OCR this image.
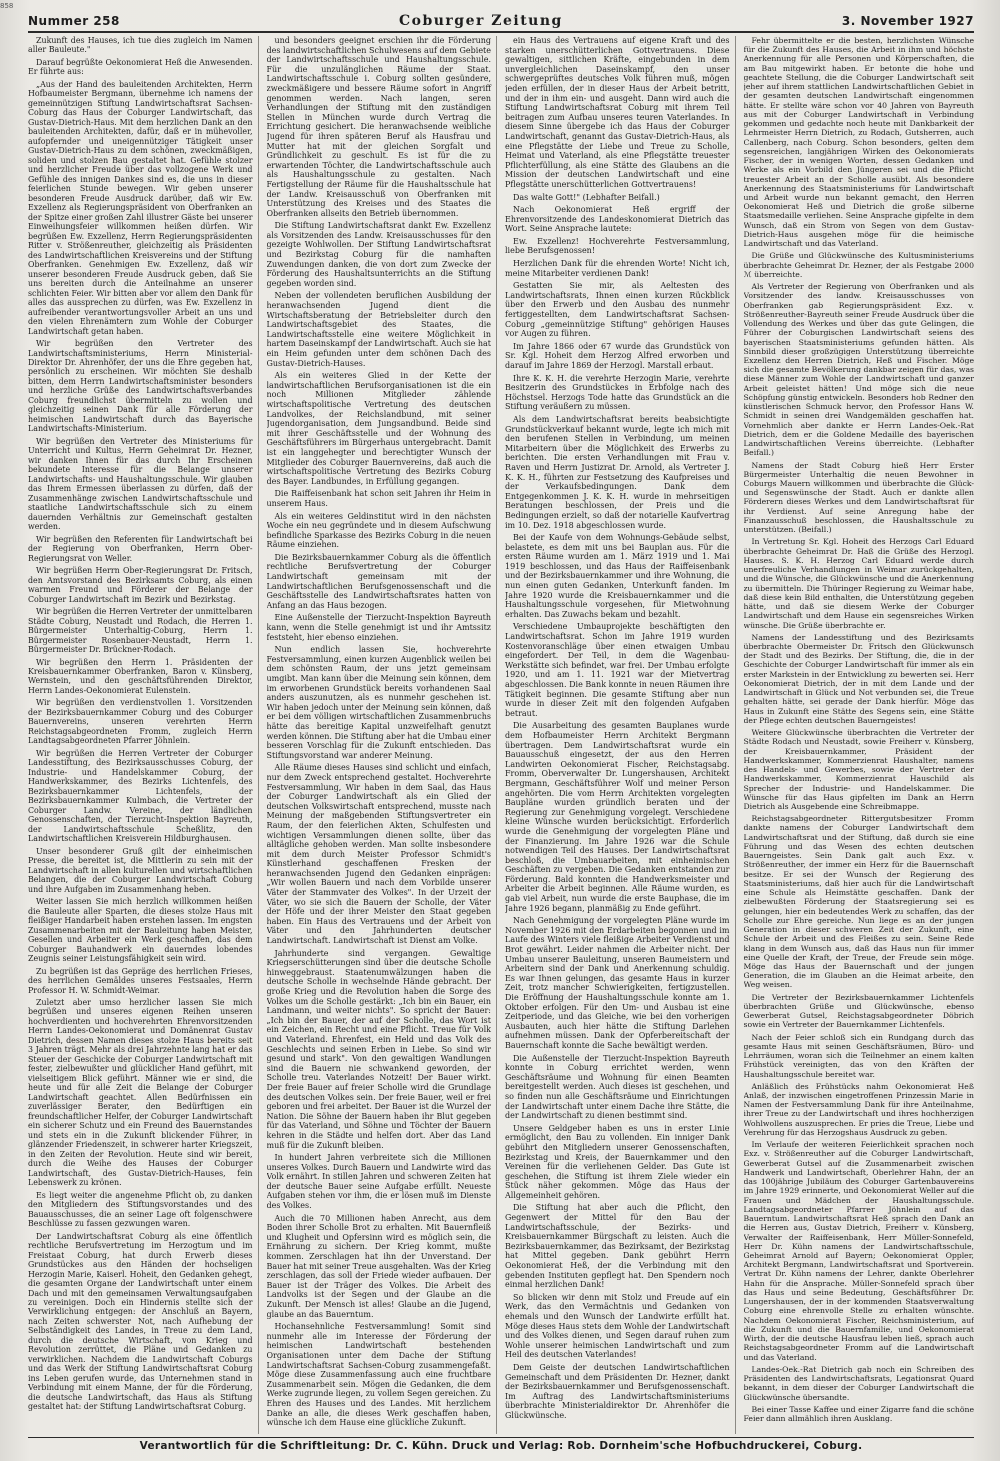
858
Nummer 258	Coburger Zeitung	3. November 1927

Zukunft des Hauses, ich tue dies zugleich im Namen aller Bauleute."

Darauf begrüßte Oekonomierat Heß die Anwesenden. Er führte aus:

„Aus der Hand des bauleitenden Architekten, Herrn Hofbaumeister Bergmann, übernehme ich namens der gemeinnützigen Stiftung Landwirtschaftsrat Sachsen-Coburg das Haus der Coburger Landwirtschaft, das Gustav-Dietrich-Haus. Mit dem herzlichen Dank an den bauleitenden Architekten, dafür, daß er in mühevoller, aufopfernder und uneigennütziger Tätigkeit unser Gustav-Dietrich-Haus zu dem schönen, zweckmäßigen, soliden und stolzen Bau gestaltet hat. Gefühle stolzer und herzlicher Freude über das vollzogene Werk und Gefühle des innigen Dankes sind es, die uns in dieser feierlichen Stunde bewegen. Wir geben unserer besonderen Freude Ausdruck darüber, daß wir Ew. Exzellenz als Regierungspräsident von Oberfranken an der Spitze einer großen Zahl illustrer Gäste bei unserer Einweihungsfeier willkommen heißen dürfen. Wir begrüßen Ew. Exzellenz, Herrn Regierungspräsidenten Ritter v. Strößenreuther, gleichzeitig als Präsidenten des Landwirtschaftlichen Kreisvereins und der Stiftung Oberfranken. Genehmigen Ew. Exzellenz, daß wir unserer besonderen Freude Ausdruck geben, daß Sie uns bereiten durch die Anteilnahme an unserer schlichten Feier. Wir bitten aber vor allem den Dank für alles das aussprechen zu dürfen, was Ew. Exzellenz in aufreibender verantwortungsvoller Arbeit an uns und den vielen Ehrenämtern zum Wohle der Coburger Landwirtschaft getan haben.

Wir begrüßen den Vertreter des Landwirtschaftsministeriums, Herrn Ministerial-Direktor Dr. Ahrenhöfer, der uns die Ehre gegeben hat, persönlich zu erscheinen. Wir möchten Sie deshalb bitten, dem Herrn Landwirtschaftsminister besonders und herzliche Grüße des Landwirtschaftsverbandes Coburg freundlichst übermitteln zu wollen und gleichzeitig seinen Dank für alle Förderung der heimischen Landwirtschaft durch das Bayerische Landwirtschafts-Ministerium.

Wir begrüßen den Vertreter des Ministeriums für Unterricht und Kultus, Herrn Geheimrat Dr. Hezner, wir danken Ihnen für das durch Ihr Erscheinen bekundete Interesse für die Belange unserer Landwirtschafts- und Haushaltungsschule. Wir glauben das Ihrem Ermessen überlassen zu dürfen, daß der Zusammenhänge zwischen Landwirtschaftsschule und staatliche Landwirtschaftsschule sich zu einem dauernden Verhältnis zur Gemeinschaft gestalten werden.

Wir begrüßen den Referenten für Landwirtschaft bei der Regierung von Oberfranken, Herrn Ober-Regierungsrat von Weller.

Wir begrüßen Herrn Ober-Regierungsrat Dr. Fritsch, den Amtsvorstand des Bezirksamts Coburg, als einen warmen Freund und Förderer der Belange der Coburger Landwirtschaft im Bezirk und Bezirkstag.

Wir begrüßen die Herren Vertreter der unmittelbaren Städte Coburg, Neustadt und Rodach, die Herren 1. Bürgermeister Unterhaltig-Coburg, Herrn 1. Bürgermeister Rosenbauer-Neustadt, Herrn 1. Bürgermeister Dr. Brückner-Rodach.

Wir begrüßen den Herrn 1. Präsidenten der Kreisbauernkammer Oberfranken, Baron v. Künsberg, Wernstein, und den geschäftsführenden Direktor, Herrn Landes-Oekonomierat Eulenstein.

Wir begrüßen den verdienstvollen 1. Vorsitzenden der Bezirksbauernkammer Coburg und des Coburger Bauernvereins, unseren verehrten Herrn Reichstagsabgeordneten Fromm, zugleich Herrn Landtagsabgeordneten Pfarrer Jöhnlein.

Wir begrüßen die Herren Vertreter der Coburger Landesstiftung, des Bezirksausschusses Coburg, der Industrie- und Handelskammer Coburg, der Handwerkskammer, des Bezirks Lichtenfels, des Bezirksbauernkammer Lichtenfels, der Bezirksbauernkammer Kulmbach, die Vertreter der Coburger Landw. Vereine, der ländlichen Genossenschaften, der Tierzucht-Inspektion Bayreuth, der Landwirtschaftsschule Scheßlitz, den Landwirtschaftlichen Kreisverein Hildburghausen.

Unser besonderer Gruß gilt der einheimischen Presse, die bereitet ist, die Mittlerin zu sein mit der Landwirtschaft in allen kulturellen und wirtschaftlichen Belangen, die der Coburger Landwirtschaft Coburg und ihre Aufgaben im Zusammenhang heben.

Weiter lassen Sie mich herzlich willkommen heißen die Bauleute aller Sparten, die dieses stolze Haus mit fleißiger Handarbeit haben erstehen lassen. Im engsten Zusammenarbeiten mit der Bauleitung haben Meister, Gesellen und Arbeiter ein Werk geschaffen, das dem Coburger Bauhandwerk ein dauerndes lobendes Zeugnis seiner Leistungsfähigkeit sein wird.

Zu begrüßen ist das Gepräge des herrlichen Frieses, des herrlichen Gemäldes unseres Festsaales, Herrn Professor H. W. Schmidt-Weimar.

Zuletzt aber umso herzlicher lassen Sie mich begrüßen und unseres eigenen Reihen unseren hochverdienten und hochverehrten Ehrenvorsitzenden Herrn Landes-Oekonomierat und Domänenrat Gustav Dietrich, dessen Namen dieses stolze Haus bereits seit 3 Jahren trägt. Mehr als drei Jahrzehnte lang hat er das Steuer der Geschicke der Coburger Landwirtschaft mit fester, zielbewußter und glücklicher Hand geführt, mit vielseitigem Blick geführt. Männer wie er sind, die heute und für alle Zeit die Belange der Coburger Landwirtschaft geachtet. Allen Bedürfnissen ein zuverlässiger Berater, den Bedürftigen ein freundschaftlicher Helfer, der Coburger Landwirtschaft ein sicherer Schutz und ein Freund des Bauernstandes und stets ein in die Zukunft blickender Führer, in glänzender Friedenszeit, in schwerer harter Kriegszeit, in den Zeiten der Revolution. Heute sind wir bereit, durch die Weihe des Hauses der Coburger Landwirtschaft, des Gustav-Dietrich-Hauses, fein Lebenswerk zu krönen.

Es liegt weiter die angenehme Pflicht ob, zu danken den Mitgliedern des Stiftungsvorstandes und des Bauausschusses, die an seiner Lage oft folgenschwere Beschlüsse zu fassen gezwungen waren.

Der Landwirtschaftsrat Coburg als eine öffentlich rechtliche Berufsvertretung im Herzogtum und im Freistaat Coburg, hat durch Erwerb dieses Grundstückes aus den Händen der hochseligen Herzogin Marie, Kaiserl. Hoheit, den Gedanken gehegt, die gesamten Organe der Landwirtschaft unter einem Dach und mit den gemeinsamen Verwaltungsaufgaben zu vereinigen. Doch ein Hindernis stellte sich der Verwirklichung entgegen: der Anschluß an Bayern, nach Zeiten schwerster Not, nach Aufhebung der Selbständigkeit des Landes, in Treue zu dem Land, durch die deutsche Wirtschaft, von Krieg und Revolution zerrüttet, die Pläne und Gedanken zu verwirklichen. Nachdem die Landwirtschaft Coburgs und das Werk der Stiftung Landwirtschaftsrat Coburg ins Leben gerufen wurde, das Unternehmen stand in Verbindung mit einem Manne, der für die Förderung, die deutsche Landwirtschaft, das Haus als Stiftung gestaltet hat: der Stiftung Landwirtschaftsrat Coburg.

und besonders geeignet erschien ihr die Förderung des landwirtschaftlichen Schulwesens auf dem Gebiete der Landwirtschaftsschule und Haushaltungsschule. Für die unzulänglichen Räume der Staat. Landwirtschaftsschule i. Coburg sollten gesündere, zweckmäßigere und bessere Räume sofort in Angriff genommen werden. Nach langen, seren Verhandlungen der Stiftung mit den zuständigen Stellen in München wurde durch Vertrag die Errichtung gesichert. Die heranwachsende weibliche Jugend für ihren späteren Beruf als Hausfrau und Mutter hat mit der gleichen Sorgfalt und Gründlichkeit zu geschult. Es ist für die zu erwartenden Töchter, die Landwirtschaftsschule auch als Haushaltungsschule zu gestalten. Nach Fertigstellung der Räume für die Haushaltsschule hat der Landw. Kreisausschuß von Oberfranken mit Unterstützung des Kreises und des Staates die Oberfranken allseits den Betrieb übernommen.

Die Stiftung Landwirtschaftsrat dankt Ew. Exzellenz als Vorsitzenden des Landw. Kreisausschusses für den gezeigte Wohlwollen. Der Stiftung Landwirtschaftsrat und Bezirkstag Coburg für die namhaften Zuwendungen danken, die von dort zum Zwecke der Förderung des Haushaltsunterrichts an die Stiftung gegeben worden sind.

Neben der vollendeten beruflichen Ausbildung der heranwachsenden Jugend dient die Wirtschaftsberatung der Betriebsleiter durch den Landwirtschaftsgebiet des Staates, die Landwirtschaftsstelle eine weitere Möglichkeit in hartem Daseinskampf der Landwirtschaft. Auch sie hat ein Heim gefunden unter dem schönen Dach des Gustav-Dietrich-Hauses.

Als ein weiteres Glied in der Kette der landwirtschaftlichen Berufsorganisationen ist die ein noch Millionen Mitglieder zählende wirtschaftspolitische Vertretung des deutschen Landvolkes, der Reichslandbund, mit seiner Jugendorganisation, dem Jungsandbund. Beide sind mit ihrer Geschäftsstelle und der Wohnung des Geschäftsführers im Bürgerhaus untergebracht. Damit ist ein langgehegter und berechtigter Wunsch der Mitglieder des Coburger Bauernvereins, daß auch die wirtschaftspolitische Vertretung des Bezirks Coburg des Bayer. Landbundes, in Erfüllung gegangen.

Die Raiffeisenbank hat schon seit Jahren ihr Heim in unserem Haus.

Als ein weiteres Geldinstitut wird in den nächsten Woche ein neu gegründete und in diesem Aufschwung befindliche Sparkasse des Bezirks Coburg in die neuen Räume einziehen.

Die Bezirksbauernkammer Coburg als die öffentlich rechtliche Berufsvertretung der Coburger Landwirtschaft gemeinsam mit der Landwirtschaftlichen Berufsgenossenschaft und die Geschäftsstelle des Landwirtschaftsrates hatten von Anfang an das Haus bezogen.

Eine Außenstelle der Tierzucht-Inspektion Bayreuth kann, wenn die Stelle genehmigt ist und ihr Amtssitz feststeht, hier ebenso einziehen.

Nun endlich lassen Sie, hochverehrte Festversammlung, einen kurzen Augenblick weilen bei dem schönsten Raum, der uns jetzt gemeinsam umgibt. Man kann über die Meinung sein können, dem im erworbenen Grundstück bereits vorhandenen Saal anders auszunutzen, als es nunmehr geschehen ist. Wir haben jedoch unter der Meinung sein können, daß er bei dem völligen wirtschaftlichen Zusammenbruchs hätte das bereitige Kapital unzweifelhaft genutzt werden können. Die Stiftung aber hat die Umbau einer besseren Vorschlag für die Zukunft entschieden. Das Stiftungsvorstand war anderer Meinung.

Alle Räume dieses Hauses sind schlicht und einfach, nur dem Zweck entsprechend gestaltet. Hochverehrte Festversammlung, Wir haben in dem Saal, das Haus der Coburger Landwirtschaft als ein Glied der deutschen Volkswirtschaft entsprechend, musste nach Meinung der maßgebenden Stiftungsvertreter ein Raum, der den feierlichen Akten, Schulfesten und wichtigen Versammlungen dienen sollte, über das alltägliche gehoben werden. Man sollte insbesondere mit dem durch Meister Professor Schmidt's Künstlerhand geschaffenen Fresken der heranwachsenden Jugend den Gedanken einprägen: „Wir wollen Bauern und nach dem Vorbilde unserer Väter der Stammvater des Volkes". In der Urzeit der Väter, wo sie sich die Bauern der Scholle, der Väter der Höfe und der ihrer Meister den Staat gegeben haben. Ein Haus des Vertrauens und der Arbeit von Väter und den Jahrhunderten deutscher Landwirtschaft. Landwirtschaft ist Dienst am Volke.

Jahrhunderte sind vergangen. Gewaltige Kriegserschütterungen sind über die deutsche Scholle hinweggebraust. Staatenumwälzungen haben die deutsche Scholle in wechselnde Hände gebracht. Der große Krieg und die Revolution haben die Sorge des Volkes um die Scholle gestärkt: „Ich bin ein Bauer, ein Landmann, und weiter nichts". So spricht der Bauer: „Ich bin der Bauer, der auf der Scholle, das Wort ist ein Zeichen, ein Recht und eine Pflicht. Treue für Volk und Vaterland. Ehrenfest, ein Held und das Volk des Geschlechts und seinen Erben in Liebe. So sind wir gesund und stark". Von den gewaltigen Wandlungen sind die Bauern nie schwankend geworden, der Scholle treu. Vaterlandes Notzeit! Der Bauer wirkt. Der freie Bauer auf freier Scholle wird die Grundlage des deutschen Volkes sein. Der freie Bauer, weil er frei geboren und frei arbeitet. Der Bauer ist die Wurzel der Nation. Die Söhne der Bauern haben ihr Blut gegeben für das Vaterland, und Söhne und Töchter der Bauern kehren in die Städte und helfen dort. Aber das Land muß für die Zukunft bleiben.

In hundert Jahren verbreitete sich die Millionen unseres Volkes. Durch Bauern und Landwirte wird das Volk ernährt. In stillen Jahren und schweren Zeiten hat der deutsche Bauer seine Aufgabe erfüllt. Neueste Aufgaben stehen vor ihm, die er lösen muß im Dienste des Volkes.

Auch die 70 Millionen haben Anrecht, aus dem Boden ihrer Scholle Brot zu erhalten. Mit Bauernfleiß und Klugheit und Opfersinn wird es möglich sein, die Ernährung zu sichern. Der Krieg kommt, mußte kommen. Zerschlagen hat ihn der Unverstand. Der Bauer hat mit seiner Treue ausgehalten. Was der Krieg zerschlagen, das soll der Friede wieder aufbauen. Der Bauer ist der Träger des Volkes. Die Arbeit des Landvolks ist der Segen und der Glaube an die Zukunft. Der Mensch ist alles! Glaube an die Jugend, glaube an das Bauerntum.

Hochansehnliche Festversammlung! Somit sind nunmehr alle im Interesse der Förderung der heimischen Landwirtschaft bestehenden Organisationen unter dem Dache der Stiftung Landwirtschaftsrat Sachsen-Coburg zusammengefaßt. Möge diese Zusammenfassung auch eine fruchtbare Zusammenarbeit sein. Mögen die Gedanken, die dem Werke zugrunde liegen, zu vollem Segen gereichen. Zu Ehren des Hauses und des Landes. Mit herzlichem Danke an alle, die dieses Werk geschaffen haben, wünsche ich dem Hause eine glückliche Zukunft.

ein Haus des Vertrauens auf eigene Kraft und des starken unerschütterlichen Gottvertrauens. Diese gewaltigen, sittlichen Kräfte, eingebunden in dem unvergleichlichen Daseinskampf, den unser schwergeprüftes deutsches Volk führen muß, mögen jeden erfüllen, der in dieser Haus der Arbeit betritt, und der in ihm ein- und ausgeht. Dann wird auch die Stiftung Landwirtschaftsrat Coburg mit ihrem Teil beitragen zum Aufbau unseres teuren Vaterlandes. In diesem Sinne übergebe ich das Haus der Coburger Landwirtschaft, genannt das Gustav-Dietrich-Haus, als eine Pflegstätte der Liebe und Treue zu Scholle, Heimat und Vaterland, als eine Pflegstätte treuester Pflichterfüllung, als eine Stätte des Glaubens an die Mission der deutschen Landwirtschaft und eine Pflegstätte unerschütterlichen Gottvertrauens!

Das walte Gott!" (Lebhafter Beifall.)

Nach Oekonomierat Heß ergriff der Ehrenvorsitzende des Landeskonomierat Dietrich das Wort. Seine Ansprache lautete:

Ew. Exzellenz! Hochverehrte Festversammlung, liebe Berufsgenossen!

Herzlichen Dank für die ehrenden Worte! Nicht ich, meine Mitarbeiter verdienen Dank!

Gestatten Sie mir, als Aeltesten des Landwirtschaftsrats, Ihnen einen kurzen Rückblick über den Erwerb und den Ausbau des nunmehr fertiggestellten, dem Landwirtschaftsrat Sachsen-Coburg „gemeinnützige Stiftung" gehörigen Hauses vor Augen zu führen.

Im Jahre 1866 oder 67 wurde das Grundstück von Sr. Kgl. Hoheit dem Herzog Alfred erworben und darauf im Jahre 1869 der Herzogl. Marstall erbaut.

Ihre K. K. H. die verehrte Herzogin Marie, verehrte Besitzerin des Grundstückes in Erbfolge nach des Höchstsel. Herzogs Tode hatte das Grundstück an die Stiftung veräußern zu müssen.

Als dem Landwirtschaftsrat bereits beabsichtigte Grundstückverkauf bekannt wurde, legte ich mich mit den berufenen Stellen in Verbindung, um meinen Mitarbeitern über die Möglichkeit des Erwerbs zu berichten. Die ersten Verhandlungen mit Frau v. Raven und Herrn Justizrat Dr. Arnold, als Vertreter J. K. K. H., führten zur Festsetzung des Kaufpreises und der Verkaufsbedingungen. Dank dem Entgegenkommen J. K. K. H. wurde in mehrseitigen Beratungen beschlossen, der Preis und die Bedingungen erzielt, so daß der notarielle Kaufvertrag im 10. Dez. 1918 abgeschlossen wurde.

Bei der Kaufe von dem Wohnungs-Gebäude selbst, belastete, es dem mit uns bei Bauplan aus. Für die ersten Räume wurden am 1. März 1919 und 1. Mai 1919 beschlossen, und das Haus der Raiffeisenbank und der Bezirksbauernkammer und ihre Wohnung, die nun einen guten Gedanken, Unterkunft fanden. Im Jahre 1920 wurde die Kreisbauernkammer und die Haushaltungsschule vorgesehen, für Mietwohnung erhalten. Das Zuwachs bekam und bezahlt.

Verschiedene Umbauprojekte beschäftigten den Landwirtschaftsrat. Schon im Jahre 1919 wurden Kostenvoranschläge über einen etwaigen Umbau eingefordert. Der Teil, in dem die Wagenbau-Werkstätte sich befindet, war frei. Der Umbau erfolgte 1920, und am 1. 11. 1921 war der Mietvertrag abgeschlossen. Die Bank konnte in neuen Räumen ihre Tätigkeit beginnen. Die gesamte Stiftung aber nun wurde in dieser Zeit mit den folgenden Aufgaben betraut.

Die Ausarbeitung des gesamten Bauplanes wurde dem Hofbaumeister Herrn Architekt Bergmann übertragen. Dem Landwirtschaftsrat wurde ein Bauausschuß eingesetzt, der aus den Herren Landwirten Oekonomierat Fischer, Reichstagsabg. Fromm, Oberverwalter Dr. Lungershausen, Architekt Bergmann, Geschäftsführer Wolf und meiner Person angehörten. Die vom Herrn Architekten vorgelegten Baupläne wurden gründlich beraten und der Regierung zur Genehmigung vorgelegt. Verschiedene kleine Wünsche wurden berücksichtigt. Erforderlich wurde die Genehmigung der vorgelegten Pläne und der Finanzierung. Im Jahre 1926 war die Schule notwendigen Teil des Hauses. Der Landwirtschaftsrat beschloß, die Umbauarbeiten, mit einheimischen Geschäften zu vergeben. Die Gedanken entstanden zur Förderung. Bald konnten die Handwerksmeister und Arbeiter die Arbeit beginnen. Alle Räume wurden, es gab viel Arbeit, nun wurde die erste Bauphase, die im Jahre 1926 begann, planmäßig zu Ende geführt.

Nach Genehmigung der vorgelegten Pläne wurde im November 1926 mit den Erdarbeiten begonnen und im Laufe des Winters viele fleißige Arbeiter Verdienst und Brot gewährt. Leider nahmen die Arbeiter nicht. Der Umbau unserer Bauleitung, unseren Baumeistern und Arbeitern sind der Dank und Anerkennung schuldig. Es war Ihnen gelungen, das gesamte Haus in kurzer Zeit, trotz mancher Schwierigkeiten, fertigzustellen. Die Eröffnung der Haushaltungsschule konnte am 1. Oktober erfolgen. Für den Um- und Ausbau ist eine Zeitperiode, und das Gleiche, wie bei den vorherigen Ausbauten, auch hier hätte die Stiftung Darlehen aufnehmen müssen. Dank der Opferbereitschaft der Bauernschaft konnte die Sache bewältigt werden.

Die Außenstelle der Tierzucht-Inspektion Bayreuth konnte in Coburg errichtet werden, wenn Geschäftsräume und Wohnung für einen Beamten bereitgestellt werden. Auch dieses ist geschehen, und so finden nun alle Geschäftsräume und Einrichtungen der Landwirtschaft unter einem Dache ihre Stätte, die der Landwirtschaft zu dienen bestimmt sind.

Unsere Geldgeber haben es uns in erster Linie ermöglicht, den Bau zu vollenden. Ein inniger Dank gebührt den Mitgliedern unserer Genossenschaften, Bezirkstag und Kreis, der Bauernkammer und den Vereinen für die verliehenen Gelder. Das Gute ist geschehen, die Stiftung ist ihrem Ziele wieder ein Stück näher gekommen. Möge das Haus der Allgemeinheit gehören.

Die Stiftung hat aber auch die Pflicht, den Gegenwert der Mittel für den Bau der Landwirtschaftsschule, der Bezirks- und Kreisbauernkammer Bürgschaft zu leisten. Auch die Bezirksbauernkammer, das Bezirksamt, der Bezirkstag hat Mittel gegeben. Dank gebührt Herrn Oekonomierat Heß, der die Verbindung mit den gebenden Instituten gepflegt hat. Den Spendern noch einmal herzlichen Dank!

So blicken wir denn mit Stolz und Freude auf ein Werk, das den Vermächtnis und Gedanken von ehemals und den Wunsch der Landwirte erfüllt hat. Möge dieses Haus stets dem Wohle der Landwirtschaft und des Volkes dienen, und Segen darauf ruhen zum Wohle unserer heimischen Landwirtschaft und zum Heil des deutschen Vaterlandes!

Dem Geiste der deutschen Landwirtschaftlichen Gemeinschaft und dem Präsidenten Dr. Hezner, dankt der Bezirksbauernkammer und Berufsgenossenschaft. Im Auftrag des Landwirtschaftsministeriums überbrachte Ministerialdirektor Dr. Ahrenhöfer die Glückwünsche.

Fehr übermittelte er die besten, herzlichsten Wünsche für die Zukunft des Hauses, die Arbeit in ihm und höchste Anerkennung für alle Personen und Körperschaften, die am Bau mitgewirkt haben. Er betonte die hohe und geachtete Stellung, die die Coburger Landwirtschaft seit jeher auf ihrem stattlichen Landwirtschaftlichen Gebiet in der gesamten deutschen Landwirtschaft eingenommen hätte. Er stellte wäre schon vor 40 Jahren von Bayreuth aus mit der Coburger Landwirtschaft in Verbindung gekommen und gedachte noch heute mit Dankbarkeit der Lehrmeister Herrn Dietrich, zu Rodach, Gutsherren, auch Callenberg, nach Coburg. Schon besonders, gelten dem segensreichen, langjährigen Wirken des Oekonomierats Fischer, der in wenigen Worten, dessen Gedanken und Werke als ein Vorbild den Jüngeren sei und die Pflicht treuester Arbeit an der Scholle ausübt. Als besondere Anerkennung des Staatsministeriums für Landwirtschaft und Arbeit wurde nun bekannt gemacht, den Herren Oekonomierat Heß und Dietrich die große silberne Staatsmedaille verliehen. Seine Ansprache gipfelte in dem Wunsch, daß ein Strom von Segen von dem Gustav-Dietrich-Haus ausgehen möge für die heimische Landwirtschaft und das Vaterland.

Die Grüße und Glückwünsche des Kultusministeriums überbrachte Geheimrat Dr. Hezner, der als Festgabe 2000 ℳ überreichte.

Als Vertreter der Regierung von Oberfranken und als Vorsitzender des landw. Kreisausschusses von Oberfranken gab Regierungspräsident Exz. v. Strößenreuther-Bayreuth seiner Freude Ausdruck über die Vollendung des Werkes und über das gute Gelingen, die Führer der Coburgischen Landwirtschaft seiens des bayerischen Staatsministeriums gefunden hätten. Als Sinnbild dieser großzügigen Unterstützung überreichte Exzellenz den Herren Dietrich, Heß und Fischer. Möge sich die gesamte Bevölkerung dankbar zeigen für das, was diese Männer zum Wohle der Landwirtschaft und ganzer Arbeit geleistet hätten! Und möge sich die neue Schöpfung günstig entwickeln. Besonders hob Redner den künstlerischen Schmuck hervor, den Professor Hans W. Schmidt in seinen drei Wandgemälden geschaffen hat. Vornehmlich aber dankte er Herrn Landes-Oek.-Rat Dietrich, dem er die Goldene Medaille des bayerischen Landwirtschaftlichen Vereins überreichte. (Lebhafter Beifall.)

Namens der Stadt Coburg hieß Herr Erster Bürgermeister Unterhaltig die neuen Bewohner in Coburgs Mauern willkommen und überbrachte die Glück- und Segenswünsche der Stadt. Auch er dankte allen Förderern dieses Werkes und dem Landwirtschaftsrat für ihr Verdienst. Auf seine Anregung habe der Finanzausschuß beschlossen, die Haushaltsschule zu unterstützen. (Beifall.)

In Vertretung Sr. Kgl. Hoheit des Herzogs Carl Eduard überbrachte Geheimrat Dr. Haß die Grüße des Herzogl. Hauses. S. K. H. Herzog Carl Eduard werde durch unerfreuliche Verhandlungen in Weimar zurückgehalten, und die Wünsche, die Glückwünsche und die Anerkennung zu übermitteln. Die Thüringer Regierung zu Weimar habe, daß diese kein Bild enthalten, die Unterstützung gegeben hätte, und daß sie diesem Werke der Coburger Landwirtschaft und dem Hause ein segensreiches Wirken wünsche. Die Grüße überbrachte er.

Namens der Landesstiftung und des Bezirksamts überbrachte Obermeister Dr. Fritsch den Glückwunsch der Stadt und des Bezirks. Der Stiftung, die, die in der Geschichte der Coburger Landwirtschaft für immer als ein erster Markstein in der Entwicklung zu bewerten sei. Herr Oekonomierat Dietrich, der in mit dem Lande und der Landwirtschaft in Glück und Not verbunden sei, die Treue gehalten hätte, sei gerade der Dank hierfür. Möge das Haus in Zukunft eine Stätte des Segens sein, eine Stätte der Pflege echten deutschen Bauerngeistes!

Weitere Glückwünsche überbrachten die Vertreter der Städte Rodach und Neustadt, sowie Freiherr v. Künsberg, der Kreisbauernkammer, Präsident der Handwerkskammer, Kommerzienrat Haushalter, namens des Handels- und Gewerbes, sowie der Vertreter der Handwerkskammer, Kommerzienrat Hauschild als Sprecher der Industrie- und Handelskammer. Die Wünsche für das Haus gipfelten im Dank an Herrn Dietrich als Ausgebende eine Schreibmappe.

Reichstagsabgeordneter Rittergutsbesitzer Fromm dankte namens der Coburger Landwirtschaft dem Landwirtschaftsrat und der Stiftung, daß durch sie eine Führung und das Wesen des echten deutschen Bauerngeistes. Sein Dank galt auch Exz. v. Strößenreuther, der immer ein Herz für die Bauernschaft besitze. Er sei der Wunsch der Regierung des Staatsministeriums, daß hier auch für die Landwirtschaft eine Schule als Heimstätte geschaffen. Dank der zielbewußten Förderung der Staatsregierung sei es gelungen, hier ein bedeutendes Werk zu schaffen, das der Scholle zur Ehre gereiche. Nun liege es an der jungen Generation in dieser schweren Zeit der Zukunft, eine Schule der Arbeit und des Fleißes zu sein. Seine Rede klang in dem Wunsch aus, daß das Haus nun für immer eine Quelle der Kraft, der Treue, der Freude sein möge. Möge das Haus der Bauernschaft und der jungen Generation, die im Glauben an die Heimat arbeite, den Weg weisen.

Die Vertreter der Bezirksbauernkammer Lichtenfels überbrachten Grüße und Glückwünsche, ebenso Gewerberat Gutsel, Reichstagsabgeordneter Döbrich sowie ein Vertreter der Bauernkammer Lichtenfels.

Nach der Feier schloß sich ein Rundgang durch das gesamte Haus mit seinen Geschäftsräumen, Büro- und Lehrräumen, woran sich die Teilnehmer an einem kalten Frühstück vereinigten, das von den Kräften der Haushaltungsschule bereitet war.

Anläßlich des Frühstücks nahm Oekonomierat Heß Anlaß, der inzwischen eingetroffenen Prinzessin Marie in Namen der Festversammlung Dank für ihre Anteilnahme, ihrer Treue zu der Landwirtschaft und ihres hochherzigen Wohlwollens auszusprechen. Er pries die Treue, Liebe und Verehrung für das Herzogshaus Ausdruck zu geben.

Im Verlaufe der weiteren Feierlichkeit sprachen noch Exz. v. Strößenreuther auf die Coburger Landwirtschaft, Gewerberat Gutsel auf die Zusammenarbeit zwischen Handwerk und Landwirtschaft, Oberlehrer Hahn, der an das 100jährige Jubiläum des Coburger Gartenbauvereins im Jahre 1929 erinnerte, und Oekonomierat Weller auf die Frauen und Mädchen der Haushaltungsschule. Landtagsabgeordneter Pfarrer Jöhnlein auf das Bauerntum. Landwirtschaftsrat Heß sprach den Dank an die Herren aus, Gustav Dietrich, Freiherr v. Künsberg, Verwalter der Raiffeisenbank, Herr Müller-Sonnefeld, Herr Dr. Kühn namens der Landwirtschaftsschule, Geheimrat Arnold auf Bayern; Oekonomierat Oppler, Architekt Bergmann, Landwirtschaftsrat und Sportverein. Vertrat Dr. Kühn namens der Lehrer, dankte Oberlehrer Hahn für die Ansprache. Müller-Sonnefeld sprach über das Haus und seine Bedeutung, Geschäftsführer Dr. Lungershausen, der in der kommenden Staatsverwaltung Coburg eine ehrenvolle Stelle zu erhalten wünschte. Nachdem Oekonomierat Fischer, Reichsministerium, auf die Zukunft und die Bauernfamilie, und Oekonomierat Wirth, der die deutsche Hausfrau leben ließ, sprach auch Reichstagsabgeordneter Fromm auf die Landwirtschaft und das Vaterland.

Landes-Oek.-Rat Dietrich gab noch ein Schreiben des Präsidenten des Landwirtschaftsrats, Legationsrat Quard bekannt, in dem dieser der Coburger Landwirtschaft die Glückwünsche übersandte.

Bei einer Tasse Kaffee und einer Zigarre fand die schöne Feier dann allmählich ihren Ausklang.

Verantwortlich für die Schriftleitung: Dr. C. Kühn. Druck und Verlag: Rob. Dornheim'sche Hofbuchdruckerei, Coburg.
